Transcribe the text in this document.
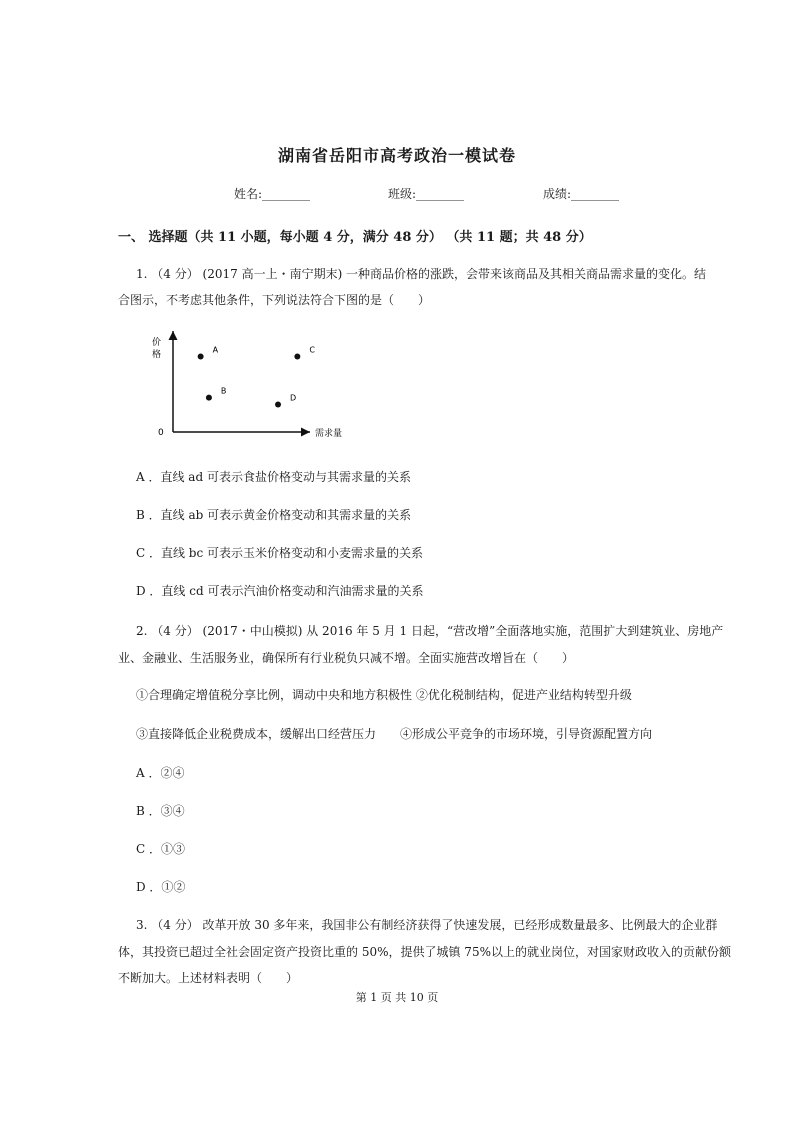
湖南省岳阳市高考政治一模试卷
姓名:________	班级:________	成绩:________
一、 选择题（共 11 小题，每小题 4 分，满分 48 分） （共 11 题；共 48 分）
1. （4 分） (2017 高一上・南宁期末) 一种商品价格的涨跌，会带来该商品及其相关商品需求量的变化。结
合图示，不考虑其他条件，下列说法符合下图的是（　　）
价
格
需求量
0
A
B
C
D
A ．直线 ad 可表示食盐价格变动与其需求量的关系
B ．直线 ab 可表示黄金价格变动和其需求量的关系
C ．直线 bc 可表示玉米价格变动和小麦需求量的关系
D ．直线 cd 可表示汽油价格变动和汽油需求量的关系
2. （4 分） (2017・中山模拟) 从 2016 年 5 月 1 日起，“营改增”全面落地实施，范围扩大到建筑业、房地产
业、金融业、生活服务业，确保所有行业税负只减不增。全面实施营改增旨在（　　）
①合理确定增值税分享比例，调动中央和地方积极性 ②优化税制结构，促进产业结构转型升级
③直接降低企业税费成本，缓解出口经营压力　　④形成公平竞争的市场环境，引导资源配置方向
A ．②④
B ．③④
C ．①③
D ．①②
3. （4 分） 改革开放 30 多年来，我国非公有制经济获得了快速发展，已经形成数量最多、比例最大的企业群
体，其投资已超过全社会固定资产投资比重的 50%，提供了城镇 75%以上的就业岗位，对国家财政收入的贡献份额
不断加大。上述材料表明（　　）
第 1 页 共 10 页
